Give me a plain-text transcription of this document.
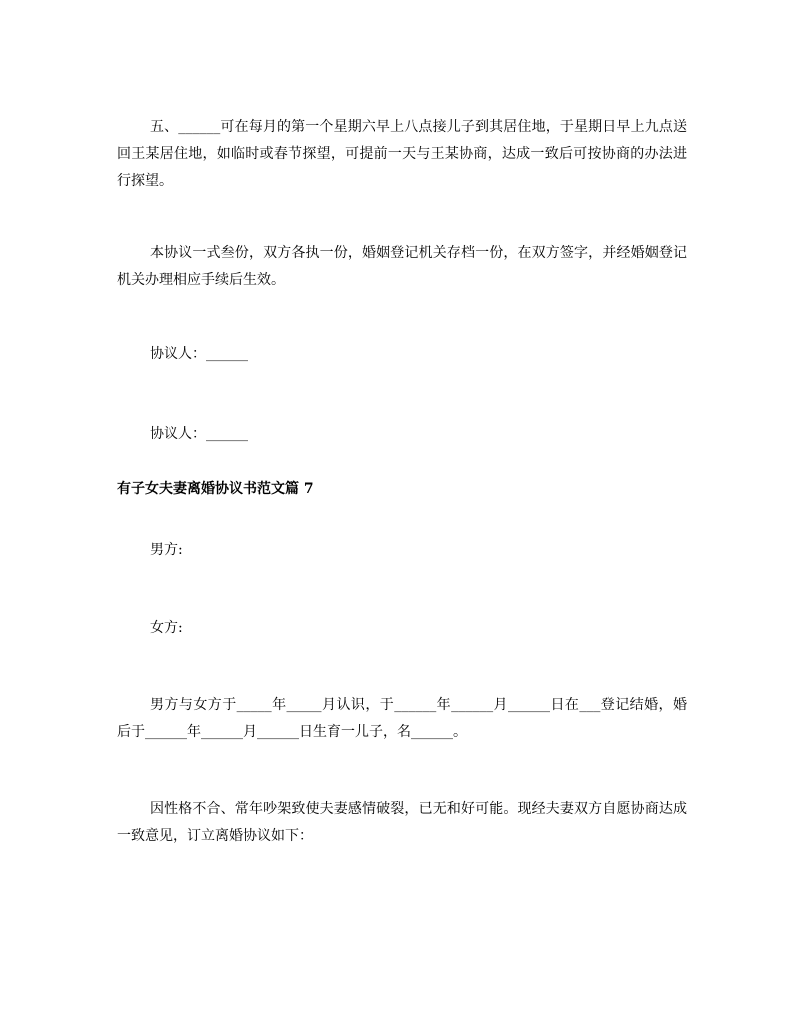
五、______可在每月的第一个星期六早上八点接儿子到其居住地，于星期日早上九点送回王某居住地，如临时或春节探望，可提前一天与王某协商，达成一致后可按协商的办法进行探望。

本协议一式叁份，双方各执一份，婚姻登记机关存档一份，在双方签字，并经婚姻登记机关办理相应手续后生效。

协议人：______

协议人：______

有子女夫妻离婚协议书范文篇 7

男方:

女方:

男方与女方于_____年_____月认识，于______年______月______日在___登记结婚，婚后于______年______月______日生育一儿子，名______。

因性格不合、常年吵架致使夫妻感情破裂，已无和好可能。现经夫妻双方自愿协商达成一致意见，订立离婚协议如下：
